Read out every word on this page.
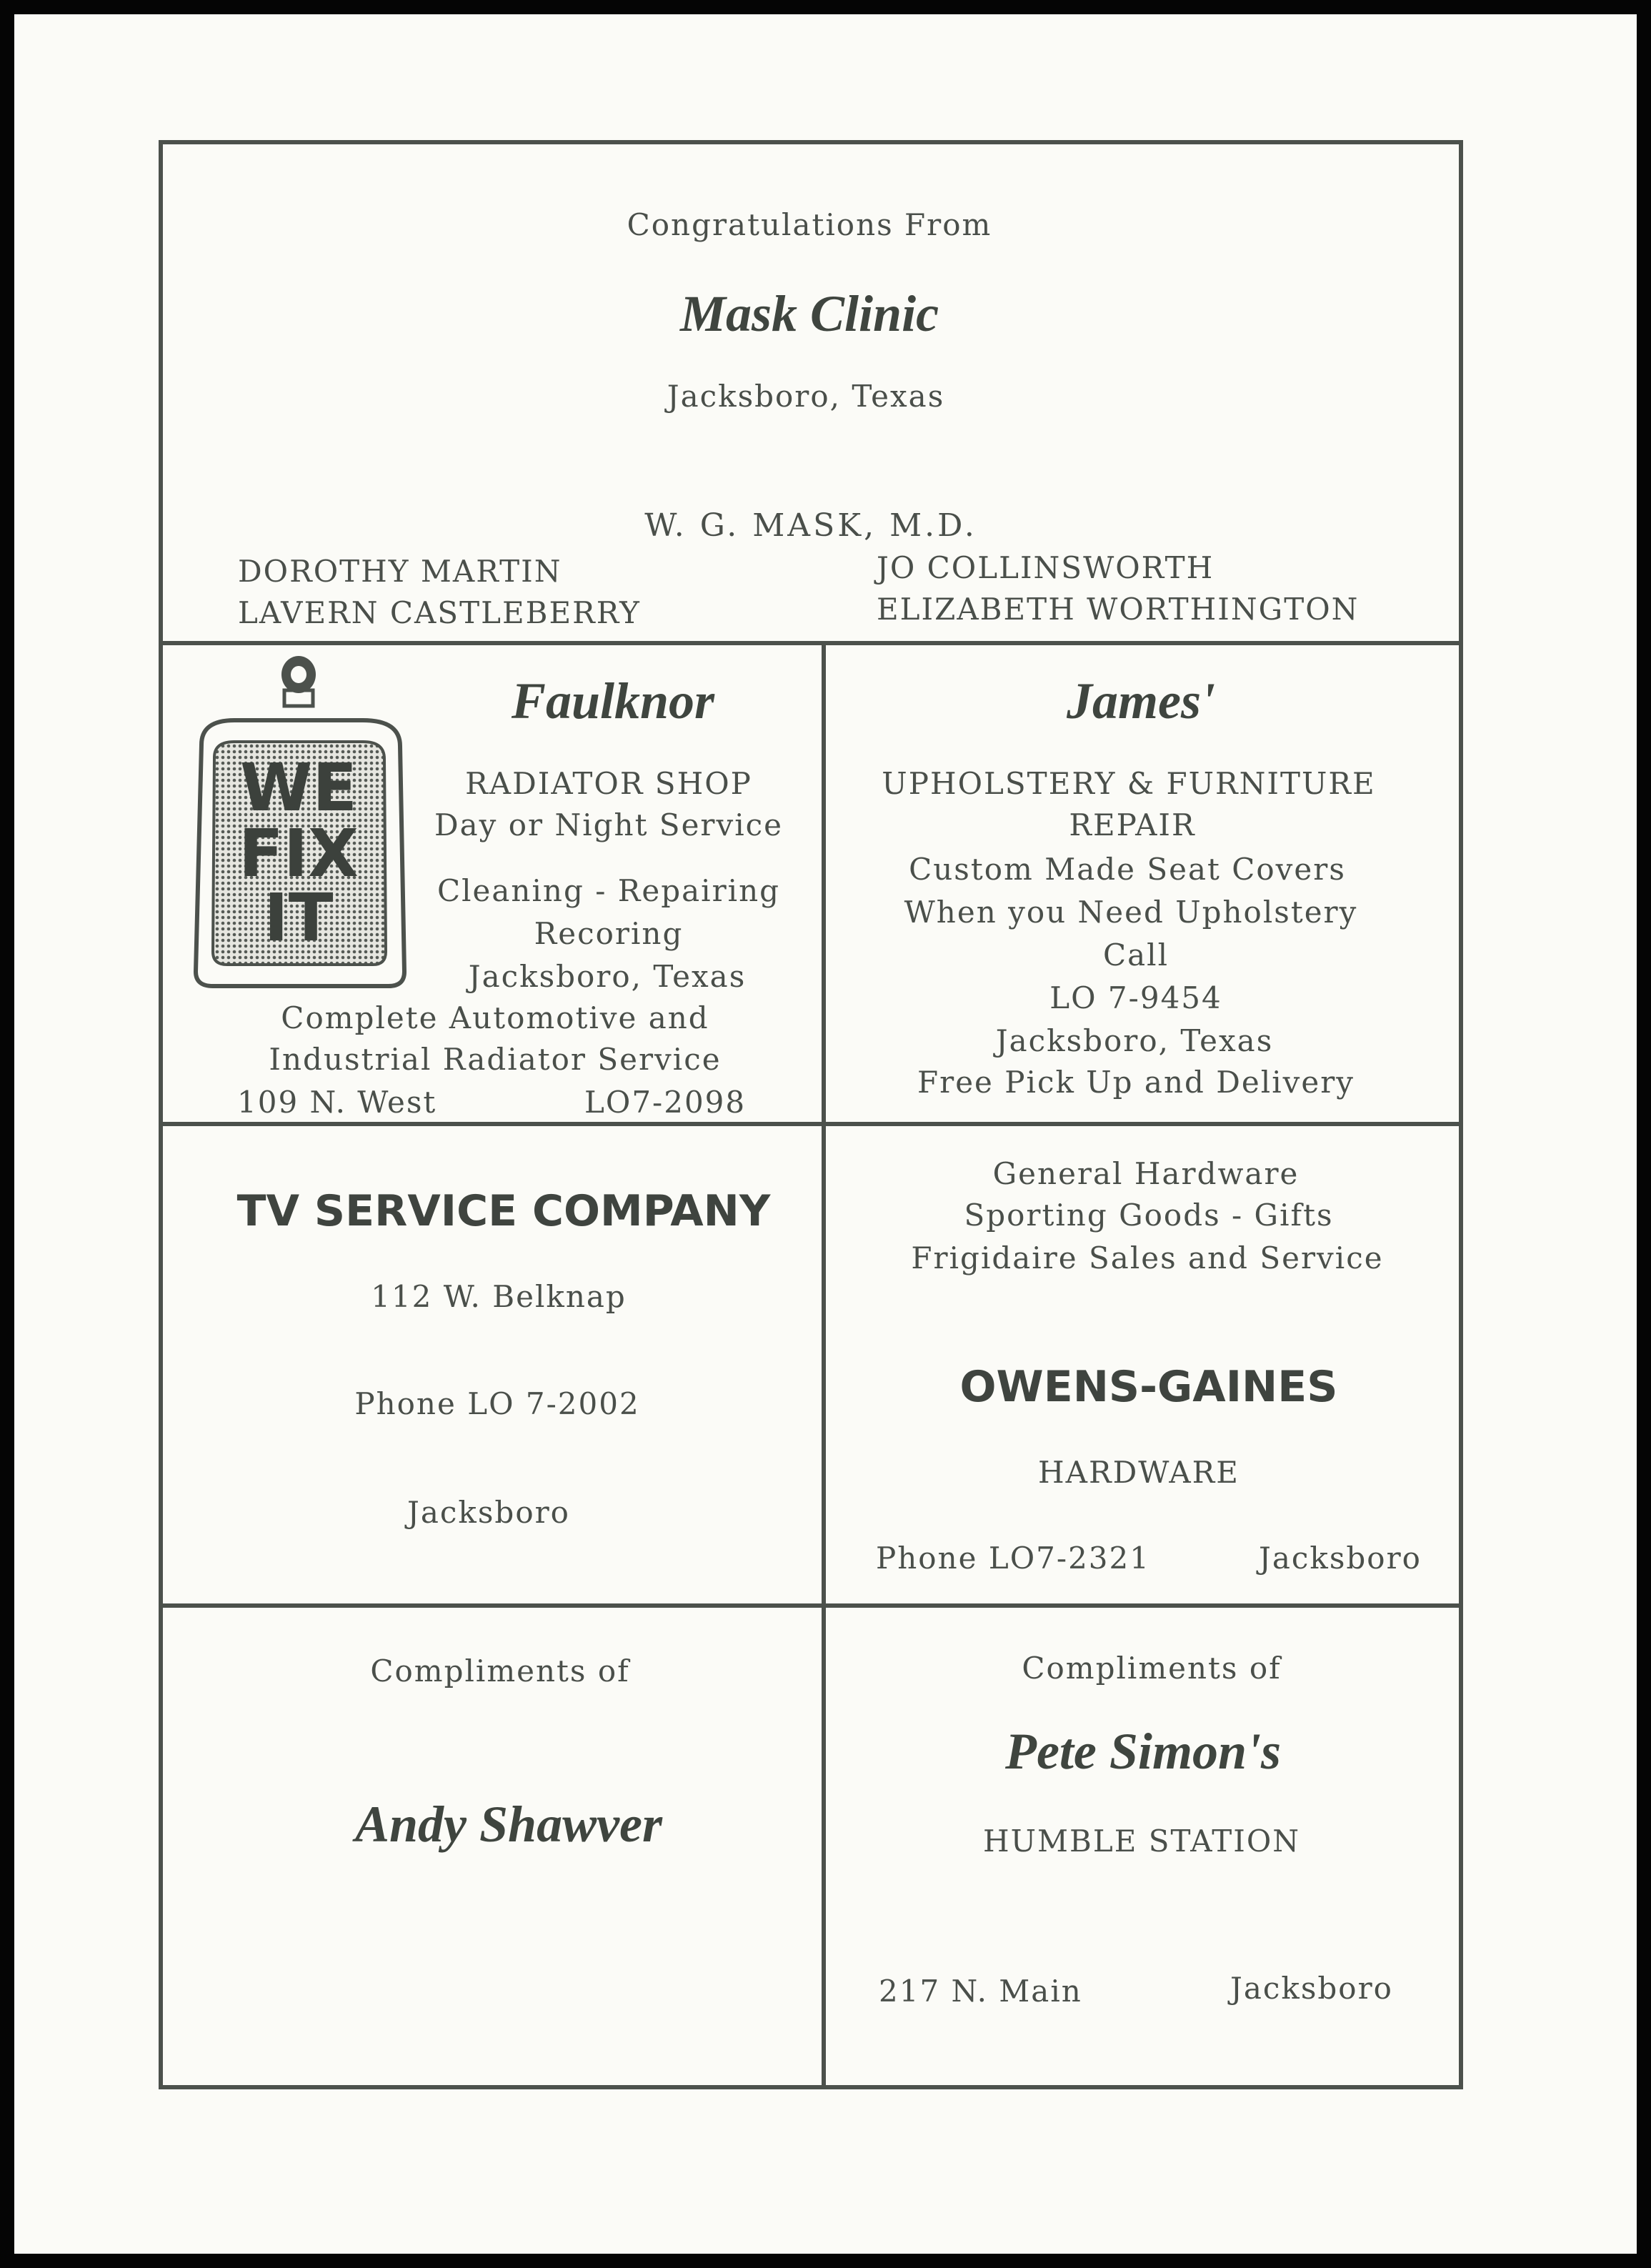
Congratulations From
Mask Clinic
Jacksboro, Texas
W. G. MASK, M.D.
DOROTHY MARTIN
LAVERN CASTLEBERRY
JO COLLINSWORTH
ELIZABETH WORTHINGTON
WE
FIX
IT
Faulknor
RADIATOR SHOP
Day or Night Service
Cleaning - Repairing
Recoring
Jacksboro, Texas
Complete Automotive and
Industrial Radiator Service
109 N. West	LO7-2098
James'
UPHOLSTERY & FURNITURE
REPAIR
Custom Made Seat Covers
When you Need Upholstery
Call
LO 7-9454
Jacksboro, Texas
Free Pick Up and Delivery
TV SERVICE COMPANY
112 W. Belknap
Phone LO 7-2002
Jacksboro
General Hardware
Sporting Goods - Gifts
Frigidaire Sales and Service
OWENS-GAINES
HARDWARE
Phone LO7-2321	Jacksboro
Compliments of
Andy Shawver
Compliments of
Pete Simon's
HUMBLE STATION
217 N. Main	Jacksboro
